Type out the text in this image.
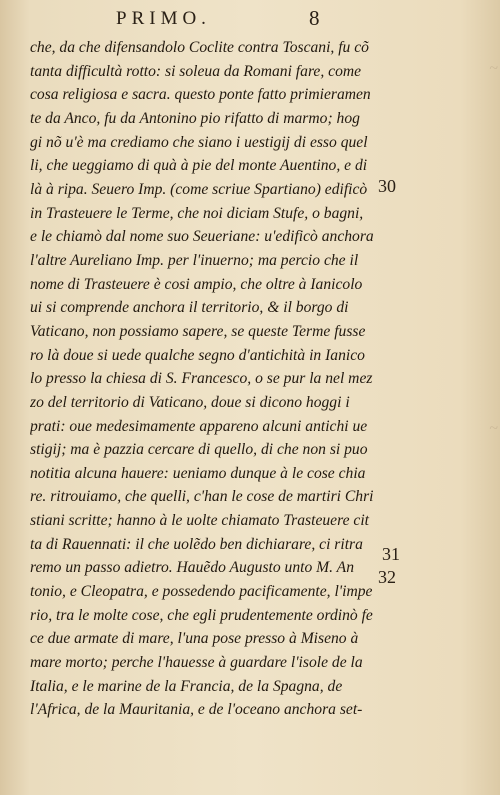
PRIMO.	8
che, da che difensandolo Coclite contra Toscani, fu cõ
tanta difficultà rotto: si soleua da Romani fare, come
cosa religiosa e sacra. questo ponte fatto primieramen
te da Anco, fu da Antonino pio rifatto di marmo; hog
gi nõ u'è ma crediamo che siano i uestigij di esso quel
li, che ueggiamo di quà à pie del monte Auentino, e di
là à ripa. Seuero Imp. (come scriue Spartiano) edificò
in Trasteuere le Terme, che noi diciam Stufe, o bagni,
e le chiamò dal nome suo Seueriane: u'edificò anchora
l'altre Aureliano Imp. per l'inuerno; ma percio che il
nome di Trasteuere è cosi ampio, che oltre à Ianicolo
ui si comprende anchora il territorio, & il borgo di
Vaticano, non possiamo sapere, se queste Terme fusse
ro là doue si uede qualche segno d'antichità in Ianico
lo presso la chiesa di S. Francesco, o se pur la nel mez
zo del territorio di Vaticano, doue si dicono hoggi i
prati: oue medesimamente appareno alcuni antichi ue
stigij; ma è pazzia cercare di quello, di che non si puo
notitia alcuna hauere: ueniamo dunque à le cose chia
re. ritrouiamo, che quelli, c'han le cose de martiri Chri
stiani scritte; hanno à le uolte chiamato Trasteuere cit
ta di Rauennati: il che uolẽdo ben dichiarare, ci ritra
remo un passo adietro. Hauẽdo Augusto unto M. An
tonio, e Cleopatra, e possedendo pacificamente, l'impe
rio, tra le molte cose, che egli prudentemente ordinò fe
ce due armate di mare, l'una pose presso à Miseno à
mare morto; perche l'hauesse à guardare l'isole de la
Italia, e le marine de la Francia, de la Spagna, de
l'Africa, de la Mauritania, e de l'oceano anchora set-
30
31
32
~
~
